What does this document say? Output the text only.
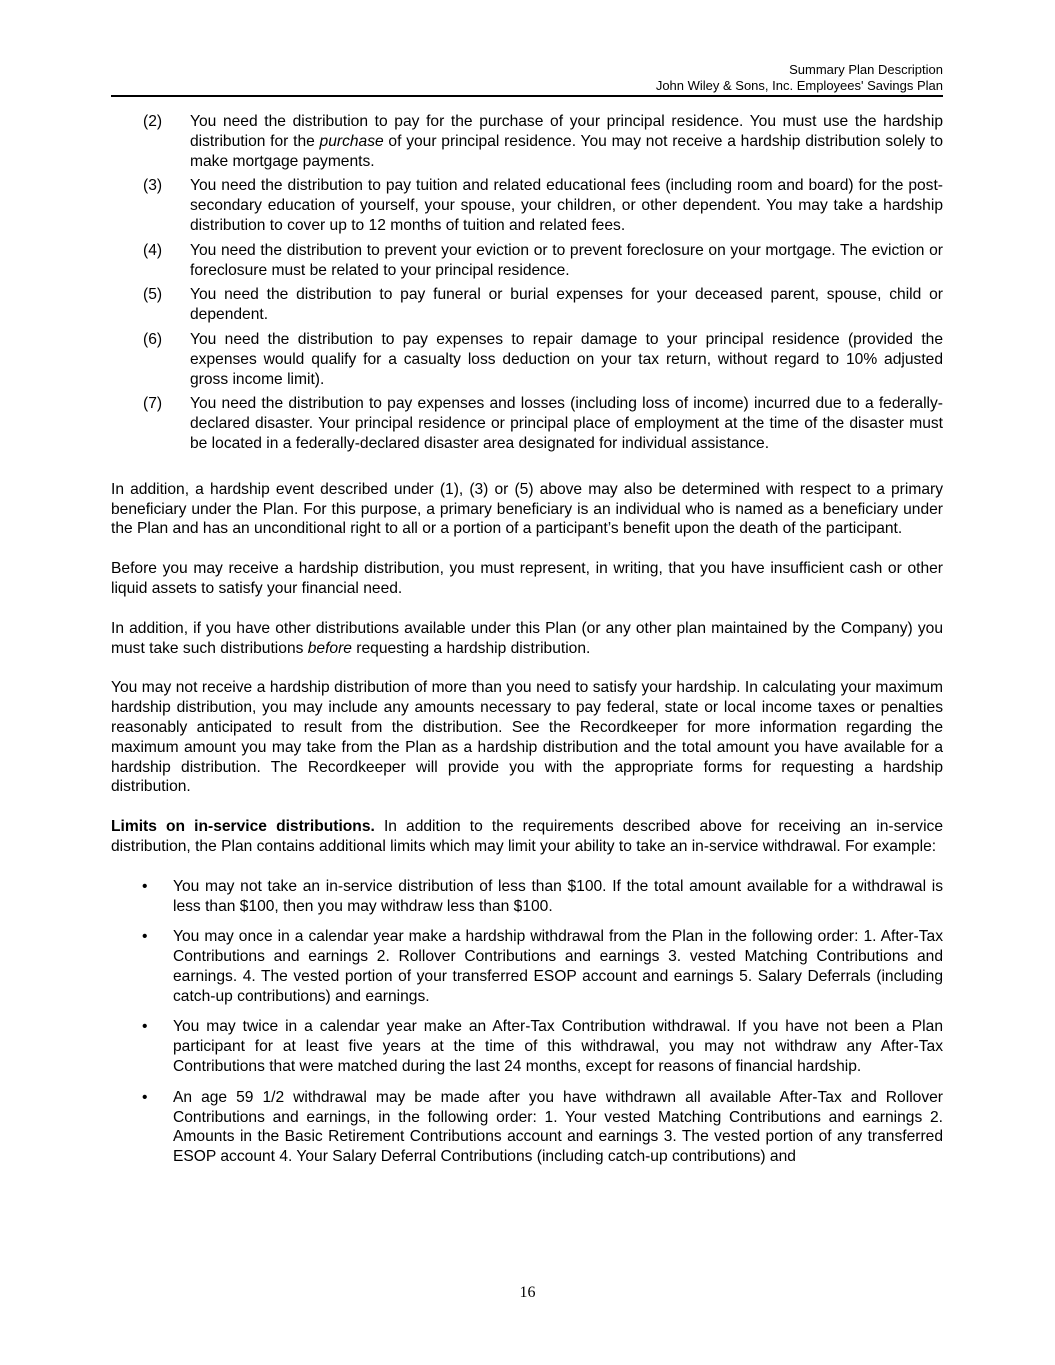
Summary Plan Description
John Wiley & Sons, Inc. Employees' Savings Plan
(2)	You need the distribution to pay for the purchase of your principal residence. You must use the hardship distribution for the purchase of your principal residence. You may not receive a hardship distribution solely to make mortgage payments.
(3)	You need the distribution to pay tuition and related educational fees (including room and board) for the post-secondary education of yourself, your spouse, your children, or other dependent. You may take a hardship distribution to cover up to 12 months of tuition and related fees.
(4)	You need the distribution to prevent your eviction or to prevent foreclosure on your mortgage. The eviction or foreclosure must be related to your principal residence.
(5)	You need the distribution to pay funeral or burial expenses for your deceased parent, spouse, child or dependent.
(6)	You need the distribution to pay expenses to repair damage to your principal residence (provided the expenses would qualify for a casualty loss deduction on your tax return, without regard to 10% adjusted gross income limit).
(7)	You need the distribution to pay expenses and losses (including loss of income) incurred due to a federally-declared disaster. Your principal residence or principal place of employment at the time of the disaster must be located in a federally-declared disaster area designated for individual assistance.

In addition, a hardship event described under (1), (3) or (5) above may also be determined with respect to a primary beneficiary under the Plan. For this purpose, a primary beneficiary is an individual who is named as a beneficiary under the Plan and has an unconditional right to all or a portion of a participant’s benefit upon the death of the participant.

Before you may receive a hardship distribution, you must represent, in writing, that you have insufficient cash or other liquid assets to satisfy your financial need.

In addition, if you have other distributions available under this Plan (or any other plan maintained by the Company) you must take such distributions before requesting a hardship distribution.

You may not receive a hardship distribution of more than you need to satisfy your hardship. In calculating your maximum hardship distribution, you may include any amounts necessary to pay federal, state or local income taxes or penalties reasonably anticipated to result from the distribution. See the Recordkeeper for more information regarding the maximum amount you may take from the Plan as a hardship distribution and the total amount you have available for a hardship distribution. The Recordkeeper will provide you with the appropriate forms for requesting a hardship distribution.

Limits on in-service distributions. In addition to the requirements described above for receiving an in-service distribution, the Plan contains additional limits which may limit your ability to take an in-service withdrawal. For example:

•	You may not take an in-service distribution of less than $100. If the total amount available for a withdrawal is less than $100, then you may withdraw less than $100.
•	You may once in a calendar year make a hardship withdrawal from the Plan in the following order: 1. After-Tax Contributions and earnings 2. Rollover Contributions and earnings 3. vested Matching Contributions and earnings. 4. The vested portion of your transferred ESOP account and earnings 5. Salary Deferrals (including catch-up contributions) and earnings.
•	You may twice in a calendar year make an After-Tax Contribution withdrawal. If you have not been a Plan participant for at least five years at the time of this withdrawal, you may not withdraw any After-Tax Contributions that were matched during the last 24 months, except for reasons of financial hardship.
•	An age 59 1/2 withdrawal may be made after you have withdrawn all available After-Tax and Rollover Contributions and earnings, in the following order: 1. Your vested Matching Contributions and earnings 2. Amounts in the Basic Retirement Contributions account and earnings 3. The vested portion of any transferred ESOP account 4. Your Salary Deferral Contributions (including catch-up contributions) and
16
